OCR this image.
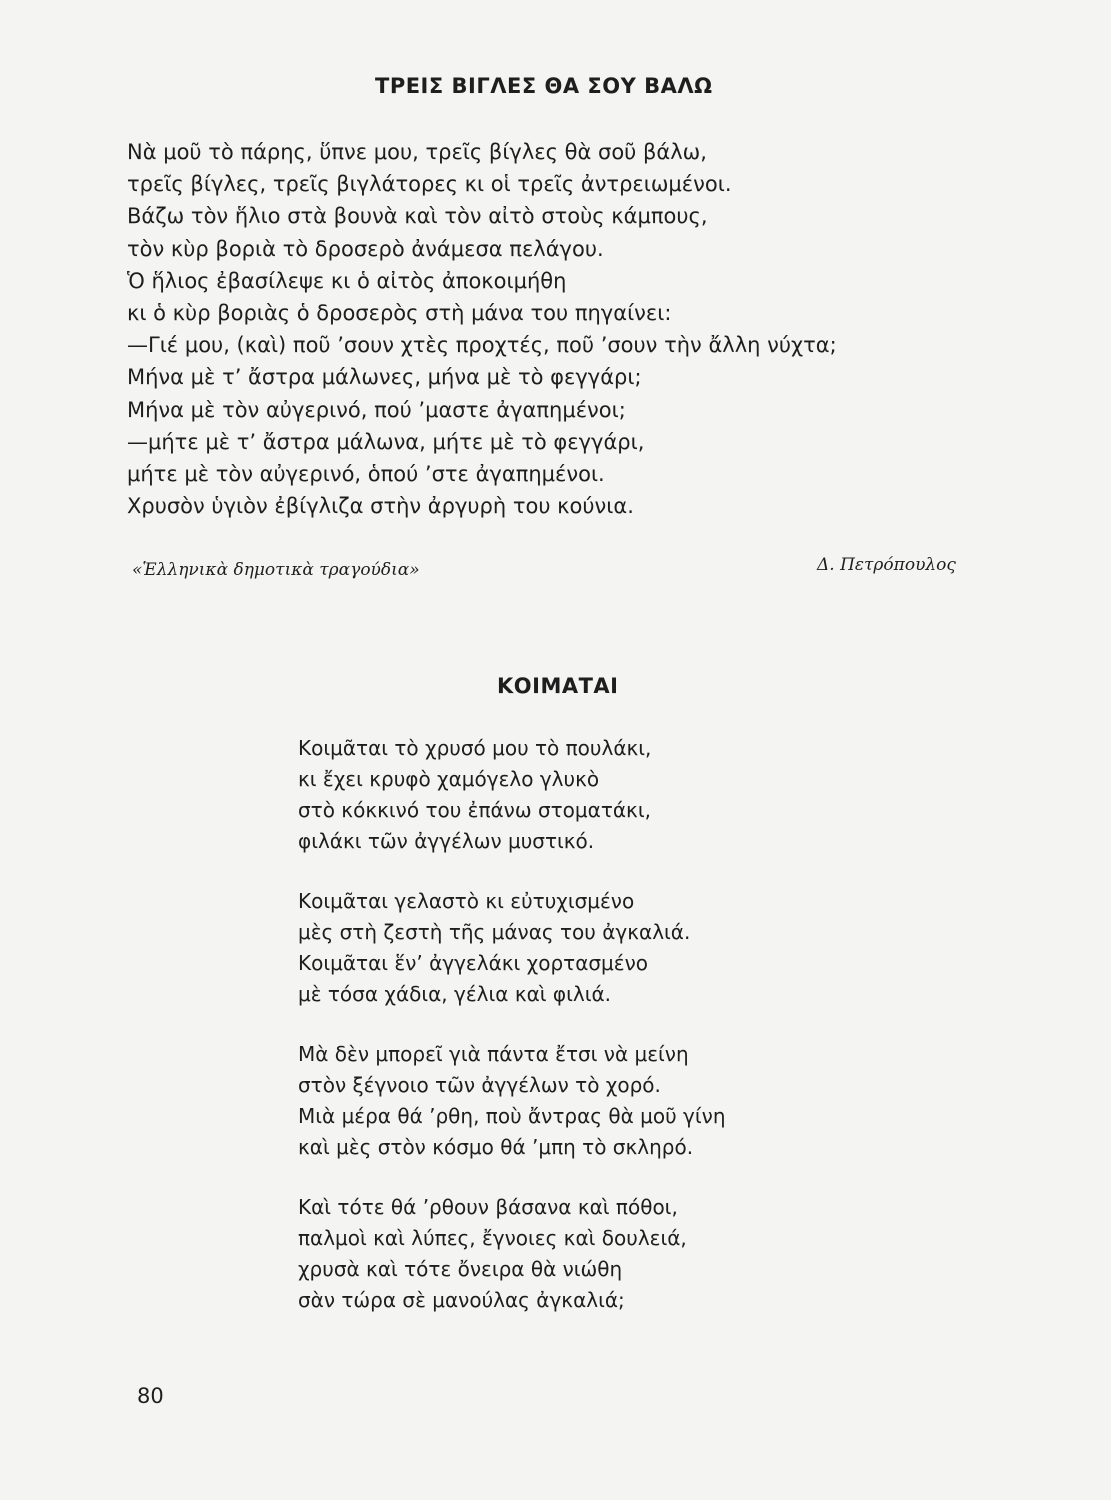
ΤΡΕΙΣ ΒΙΓΛΕΣ ΘΑ ΣΟΥ ΒΑΛΩ
Νὰ μοῦ τὸ πάρης, ὕπνε μου, τρεῖς βίγλες θὰ σοῦ βάλω,
τρεῖς βίγλες, τρεῖς βιγλάτορες κι οἱ τρεῖς ἀντρειωμένοι.
Βάζω τὸν ἥλιο στὰ βουνὰ καὶ τὸν αἰτὸ στοὺς κάμπους,
τὸν κὺρ βοριὰ τὸ δροσερὸ ἀνάμεσα πελάγου.
Ὁ ἥλιος ἐβασίλεψε κι ὁ αἰτὸς ἀποκοιμήθη
κι ὁ κὺρ βοριὰς ὁ δροσερὸς στὴ μάνα του πηγαίνει:
—Γιέ μου, (καὶ) ποῦ ’σουν χτὲς προχτές, ποῦ ’σουν τὴν ἄλλη νύχτα;
Μήνα μὲ τ’ ἄστρα μάλωνες, μήνα μὲ τὸ φεγγάρι;
Μήνα μὲ τὸν αὐγερινό, πού ’μαστε ἀγαπημένοι;
—μήτε μὲ τ’ ἄστρα μάλωνα, μήτε μὲ τὸ φεγγάρι,
μήτε μὲ τὸν αὐγερινό, ὁπού ’στε ἀγαπημένοι.
Χρυσὸν ὑγιὸν ἐβίγλιζα στὴν ἀργυρὴ του κούνια.
«Ἑλληνικὰ δημοτικὰ τραγούδια»	Δ. Πετρόπουλος
ΚΟΙΜΑΤΑΙ
Κοιμᾶται τὸ χρυσό μου τὸ πουλάκι,
κι ἔχει κρυφὸ χαμόγελο γλυκὸ
στὸ κόκκινό του ἐπάνω στοματάκι,
φιλάκι τῶν ἀγγέλων μυστικό.
Κοιμᾶται γελαστὸ κι εὐτυχισμένο
μὲς στὴ ζεστὴ τῆς μάνας του ἀγκαλιά.
Κοιμᾶται ἕν’ ἀγγελάκι χορτασμένο
μὲ τόσα χάδια, γέλια καὶ φιλιά.
Μὰ δὲν μπορεῖ γιὰ πάντα ἔτσι νὰ μείνη
στὸν ξέγνοιο τῶν ἀγγέλων τὸ χορό.
Μιὰ μέρα θά ’ρθη, ποὺ ἄντρας θὰ μοῦ γίνη
καὶ μὲς στὸν κόσμο θά ’μπη τὸ σκληρό.
Καὶ τότε θά ’ρθουν βάσανα καὶ πόθοι,
παλμοὶ καὶ λύπες, ἔγνοιες καὶ δουλειά,
χρυσὰ καὶ τότε ὄνειρα θὰ νιώθη
σὰν τώρα σὲ μανούλας ἀγκαλιά;
80
